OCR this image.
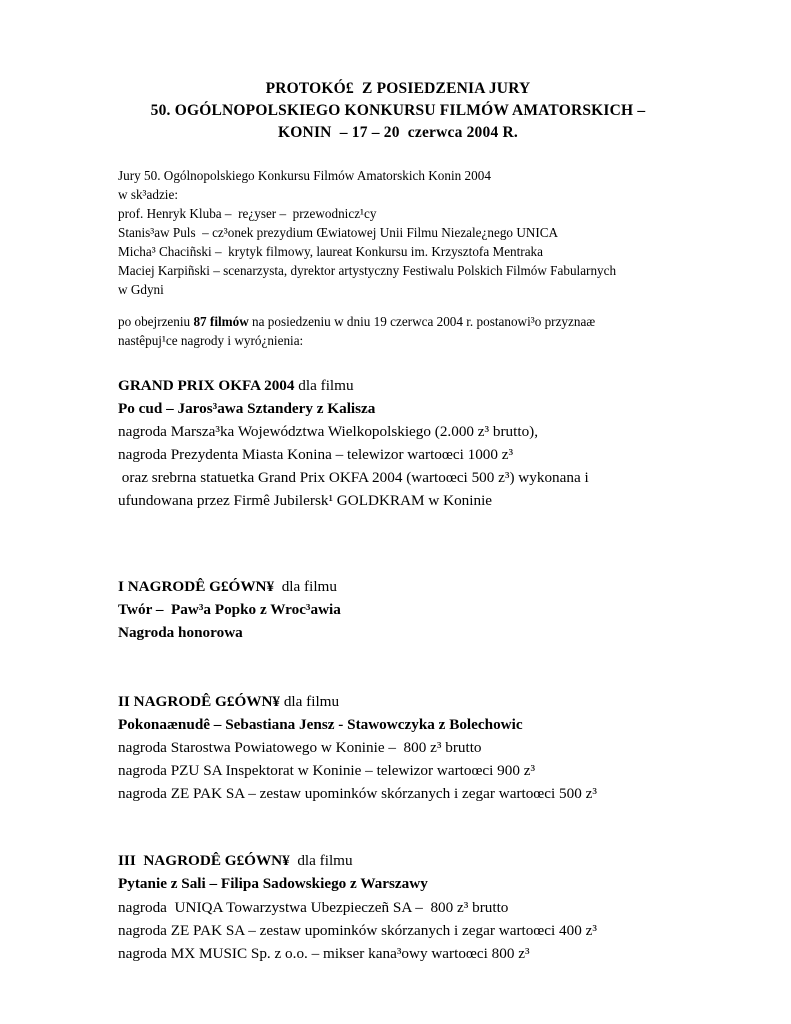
PROTOKÓ£  Z POSIEDZENIA JURY
50. OGÓLNOPOLSKIEGO KONKURSU FILMÓW AMATORSKICH –
KONIN  – 17 – 20  czerwca 2004 R.
Jury 50. Ogólnopolskiego Konkursu Filmów Amatorskich Konin 2004
w sk³adzie:
prof. Henryk Kluba –  re¿yser –  przewodnicz¹cy
Stanis³aw Puls  – cz³onek prezydium Œwiatowej Unii Filmu Niezale¿nego UNICA
Micha³ Chaciñski –  krytyk filmowy, laureat Konkursu im. Krzysztofa Mentraka
Maciej Karpiñski – scenarzysta, dyrektor artystyczny Festiwalu Polskich Filmów Fabularnych
w Gdyni
po obejrzeniu 87 filmów na posiedzeniu w dniu 19 czerwca 2004 r. postanowi³o przyznaæ
nastêpuj¹ce nagrody i wyró¿nienia:
GRAND PRIX OKFA 2004 dla filmu
Po cud – Jaros³awa Sztandery z Kalisza
nagroda Marsza³ka Województwa Wielkopolskiego (2.000 z³ brutto),
nagroda Prezydenta Miasta Konina – telewizor wartoœci 1000 z³
oraz srebrna statuetka Grand Prix OKFA 2004 (wartoœci 500 z³) wykonana i
ufundowana przez Firmê Jubilersk¹ GOLDKRAM w Koninie
I NAGRODÊ G£ÓWN¥  dla filmu
Twór –  Paw³a Popko z Wroc³awia
Nagroda honorowa
II NAGRODÊ G£ÓWN¥ dla filmu
Pokonaænudê – Sebastiana Jensz - Stawowczyka z Bolechowic
nagroda Starostwa Powiatowego w Koninie –  800 z³ brutto
nagroda PZU SA Inspektorat w Koninie – telewizor wartoœci 900 z³
nagroda ZE PAK SA – zestaw upominków skórzanych i zegar wartoœci 500 z³
III  NAGRODÊ G£ÓWN¥  dla filmu
Pytanie z Sali – Filipa Sadowskiego z Warszawy
nagroda  UNIQA Towarzystwa Ubezpieczeñ SA –  800 z³ brutto
nagroda ZE PAK SA – zestaw upominków skórzanych i zegar wartoœci 400 z³
nagroda MX MUSIC Sp. z o.o. – mikser kana³owy wartoœci 800 z³
